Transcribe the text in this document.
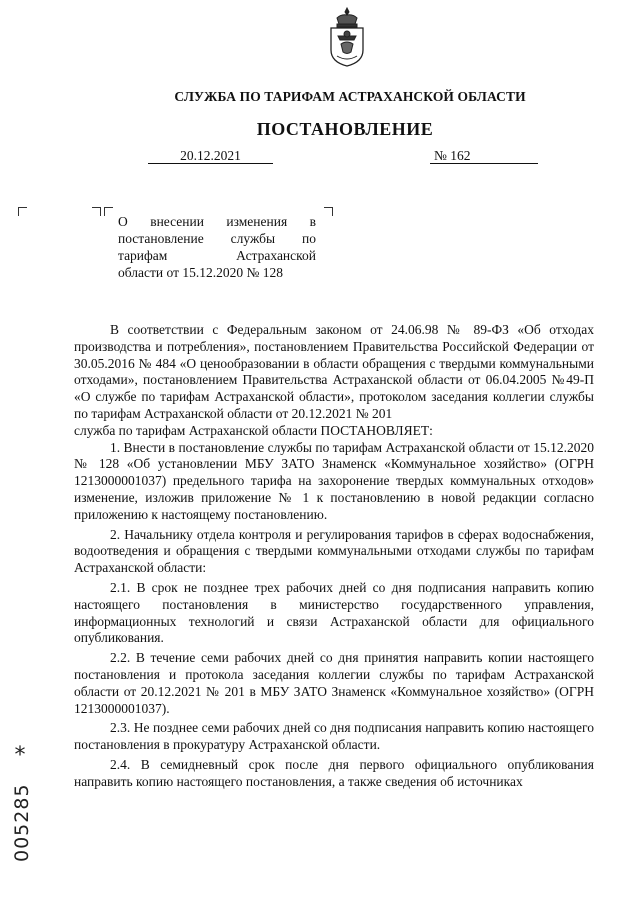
СЛУЖБА ПО ТАРИФАМ АСТРАХАНСКОЙ ОБЛАСТИ
ПОСТАНОВЛЕНИЕ
20.12.2021	№ 162
О внесении изменения в
постановление службы по
тарифам Астраханской
области от 15.12.2020 № 128

В соответствии с Федеральным законом от 24.06.98 № 89-ФЗ «Об отходах производства и потребления», постановлением Правительства Российской Федерации от 30.05.2016 № 484 «О ценообразовании в области обращения с твердыми коммунальными отходами», постановлением Правительства Астраханской области от 06.04.2005 №49-П «О службе по тарифам Астраханской области», протоколом заседания коллегии службы по тарифам Астраханской области от 20.12.2021 № 201

служба по тарифам Астраханской области ПОСТАНОВЛЯЕТ:

1. Внести в постановление службы по тарифам Астраханской области от 15.12.2020 № 128 «Об установлении МБУ ЗАТО Знаменск «Коммунальное хозяйство» (ОГРН 1213000001037) предельного тарифа на захоронение твердых коммунальных отходов» изменение, изложив приложение № 1 к постановлению в новой редакции согласно приложению к настоящему постановлению.

2. Начальнику отдела контроля и регулирования тарифов в сферах водоснабжения, водоотведения и обращения с твердыми коммунальными отходами службы по тарифам Астраханской области:

2.1. В срок не позднее трех рабочих дней со дня подписания направить копию настоящего постановления в министерство государственного управления, информационных технологий и связи Астраханской области для официального опубликования.

2.2. В течение семи рабочих дней со дня принятия направить копии настоящего постановления и протокола заседания коллегии службы по тарифам Астраханской области от 20.12.2021 № 201 в МБУ ЗАТО Знаменск «Коммунальное хозяйство» (ОГРН 1213000001037).

2.3. Не позднее семи рабочих дней со дня подписания направить копию настоящего постановления в прокуратуру Астраханской области.

2.4. В семидневный срок после дня первого официального опубликования направить копию настоящего постановления, а также сведения об источниках

*
005285
